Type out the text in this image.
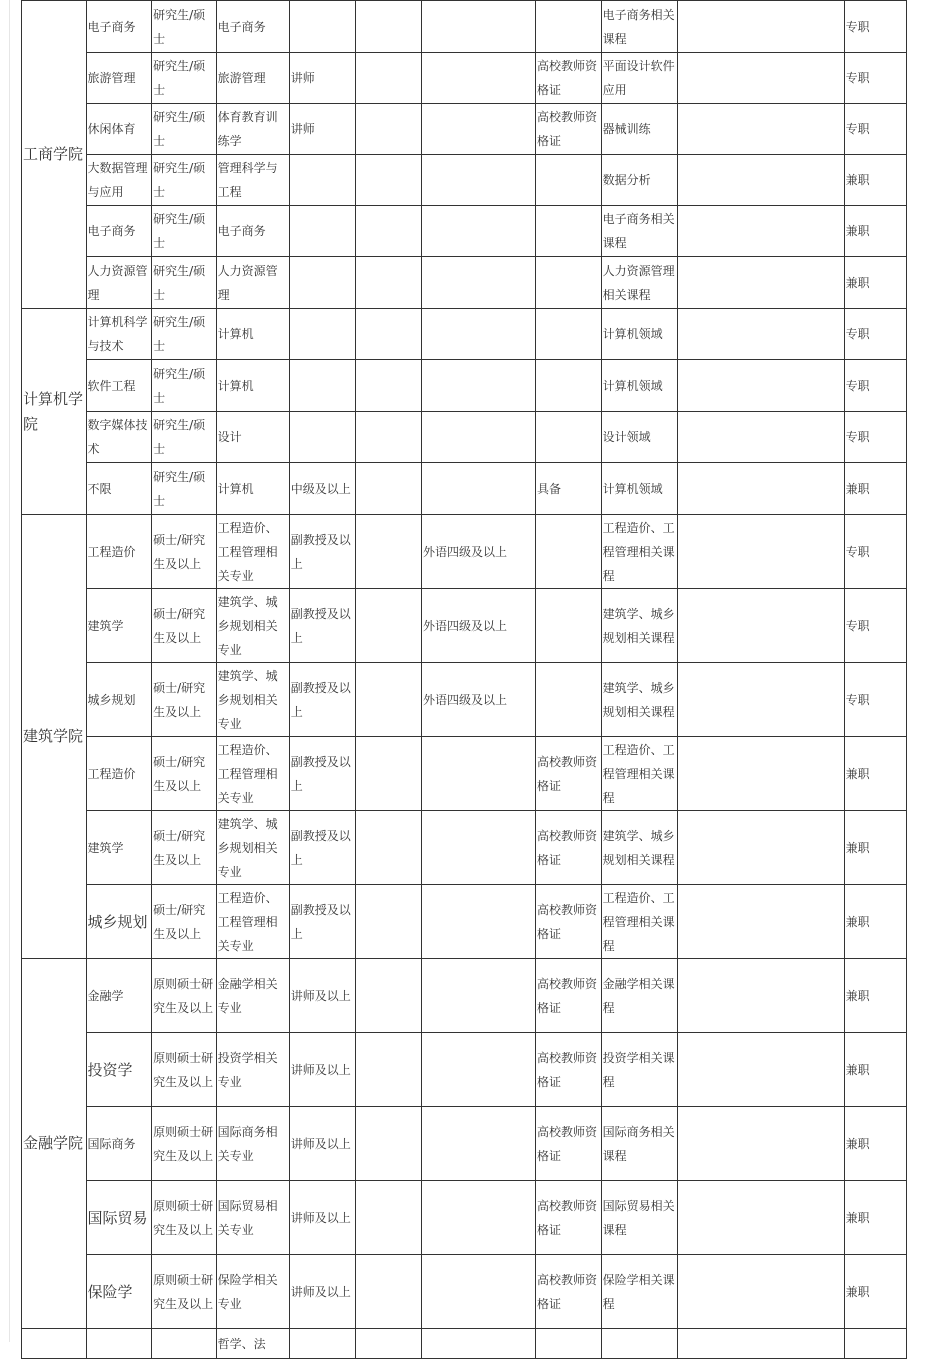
工商学院	电子商务	研究生/硕士	电子商务					电子商务相关课程		专职
	旅游管理	研究生/硕士	旅游管理	讲师			高校教师资格证	平面设计软件应用		专职
	休闲体育	研究生/硕士	体育教育训练学	讲师			高校教师资格证	器械训练		专职
	大数据管理与应用	研究生/硕士	管理科学与工程					数据分析		兼职
	电子商务	研究生/硕士	电子商务					电子商务相关课程		兼职
	人力资源管理	研究生/硕士	人力资源管理					人力资源管理相关课程		兼职
计算机学院	计算机科学与技术	研究生/硕士	计算机					计算机领域		专职
	软件工程	研究生/硕士	计算机					计算机领域		专职
	数字媒体技术	研究生/硕士	设计					设计领域		专职
	不限	研究生/硕士	计算机	中级及以上			具备	计算机领域		兼职
建筑学院	工程造价	硕士/研究生及以上	工程造价、工程管理相关专业	副教授及以上		外语四级及以上		工程造价、工程管理相关课程		专职
	建筑学	硕士/研究生及以上	建筑学、城乡规划相关专业	副教授及以上		外语四级及以上		建筑学、城乡规划相关课程		专职
	城乡规划	硕士/研究生及以上	建筑学、城乡规划相关专业	副教授及以上		外语四级及以上		建筑学、城乡规划相关课程		专职
	工程造价	硕士/研究生及以上	工程造价、工程管理相关专业	副教授及以上			高校教师资格证	工程造价、工程管理相关课程		兼职
	建筑学	硕士/研究生及以上	建筑学、城乡规划相关专业	副教授及以上			高校教师资格证	建筑学、城乡规划相关课程		兼职
	城乡规划	硕士/研究生及以上	工程造价、工程管理相关专业	副教授及以上			高校教师资格证	工程造价、工程管理相关课程		兼职
金融学院	金融学	原则硕士研究生及以上	金融学相关专业	讲师及以上			高校教师资格证	金融学相关课程		兼职
	投资学	原则硕士研究生及以上	投资学相关专业	讲师及以上			高校教师资格证	投资学相关课程		兼职
	国际商务	原则硕士研究生及以上	国际商务相关专业	讲师及以上			高校教师资格证	国际商务相关课程		兼职
	国际贸易	原则硕士研究生及以上	国际贸易相关专业	讲师及以上			高校教师资格证	国际贸易相关课程		兼职
	保险学	原则硕士研究生及以上	保险学相关专业	讲师及以上			高校教师资格证	保险学相关课程		兼职
			哲学、法							
